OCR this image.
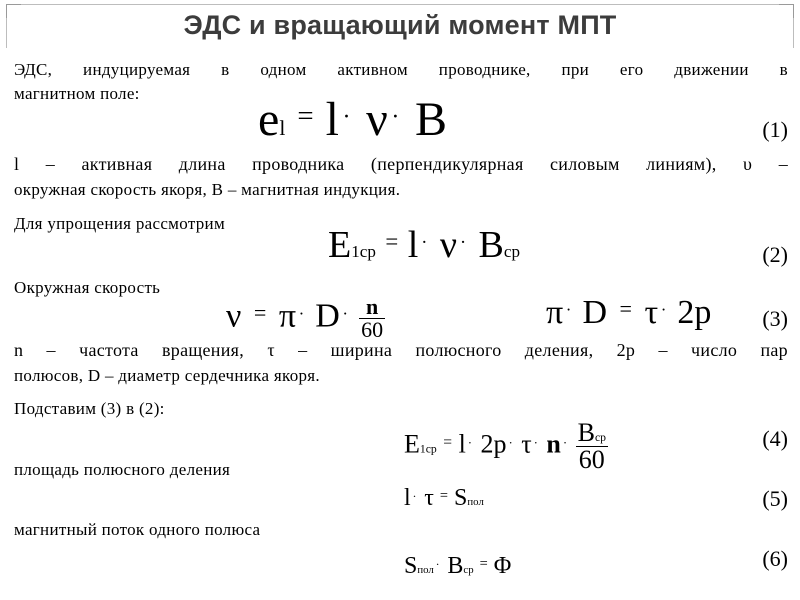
ЭДС и вращающий момент МПТ
ЭДС, индуцируемая в одном активном проводнике, при его движении в
магнитном поле: el = l · ν · B	(1)
l – активная длина проводника (перпендикулярная силовым линиям), υ –
окружная скорость якоря, B – магнитная индукция.
Для упрощения рассмотрим
E1ср = l · ν · Bср	(2)
Окружная скорость
ν = π · D $^\cdot \frac{n}{60}$	π · D = τ · 2p (3)
n – частота вращения, τ – ширина полюсного деления, 2p – число пар
полюсов, D – диаметр сердечника якоря.
Подставим (3) в (2):
E1ср = l · 2p · τ · n $^\cdot \frac{\text{Bср}}{60}$	(4)
площадь полюсного деления
l · τ = Sпол	(5)
магнитный поток одного полюса
Sпол · Bср = Φ	(6)
